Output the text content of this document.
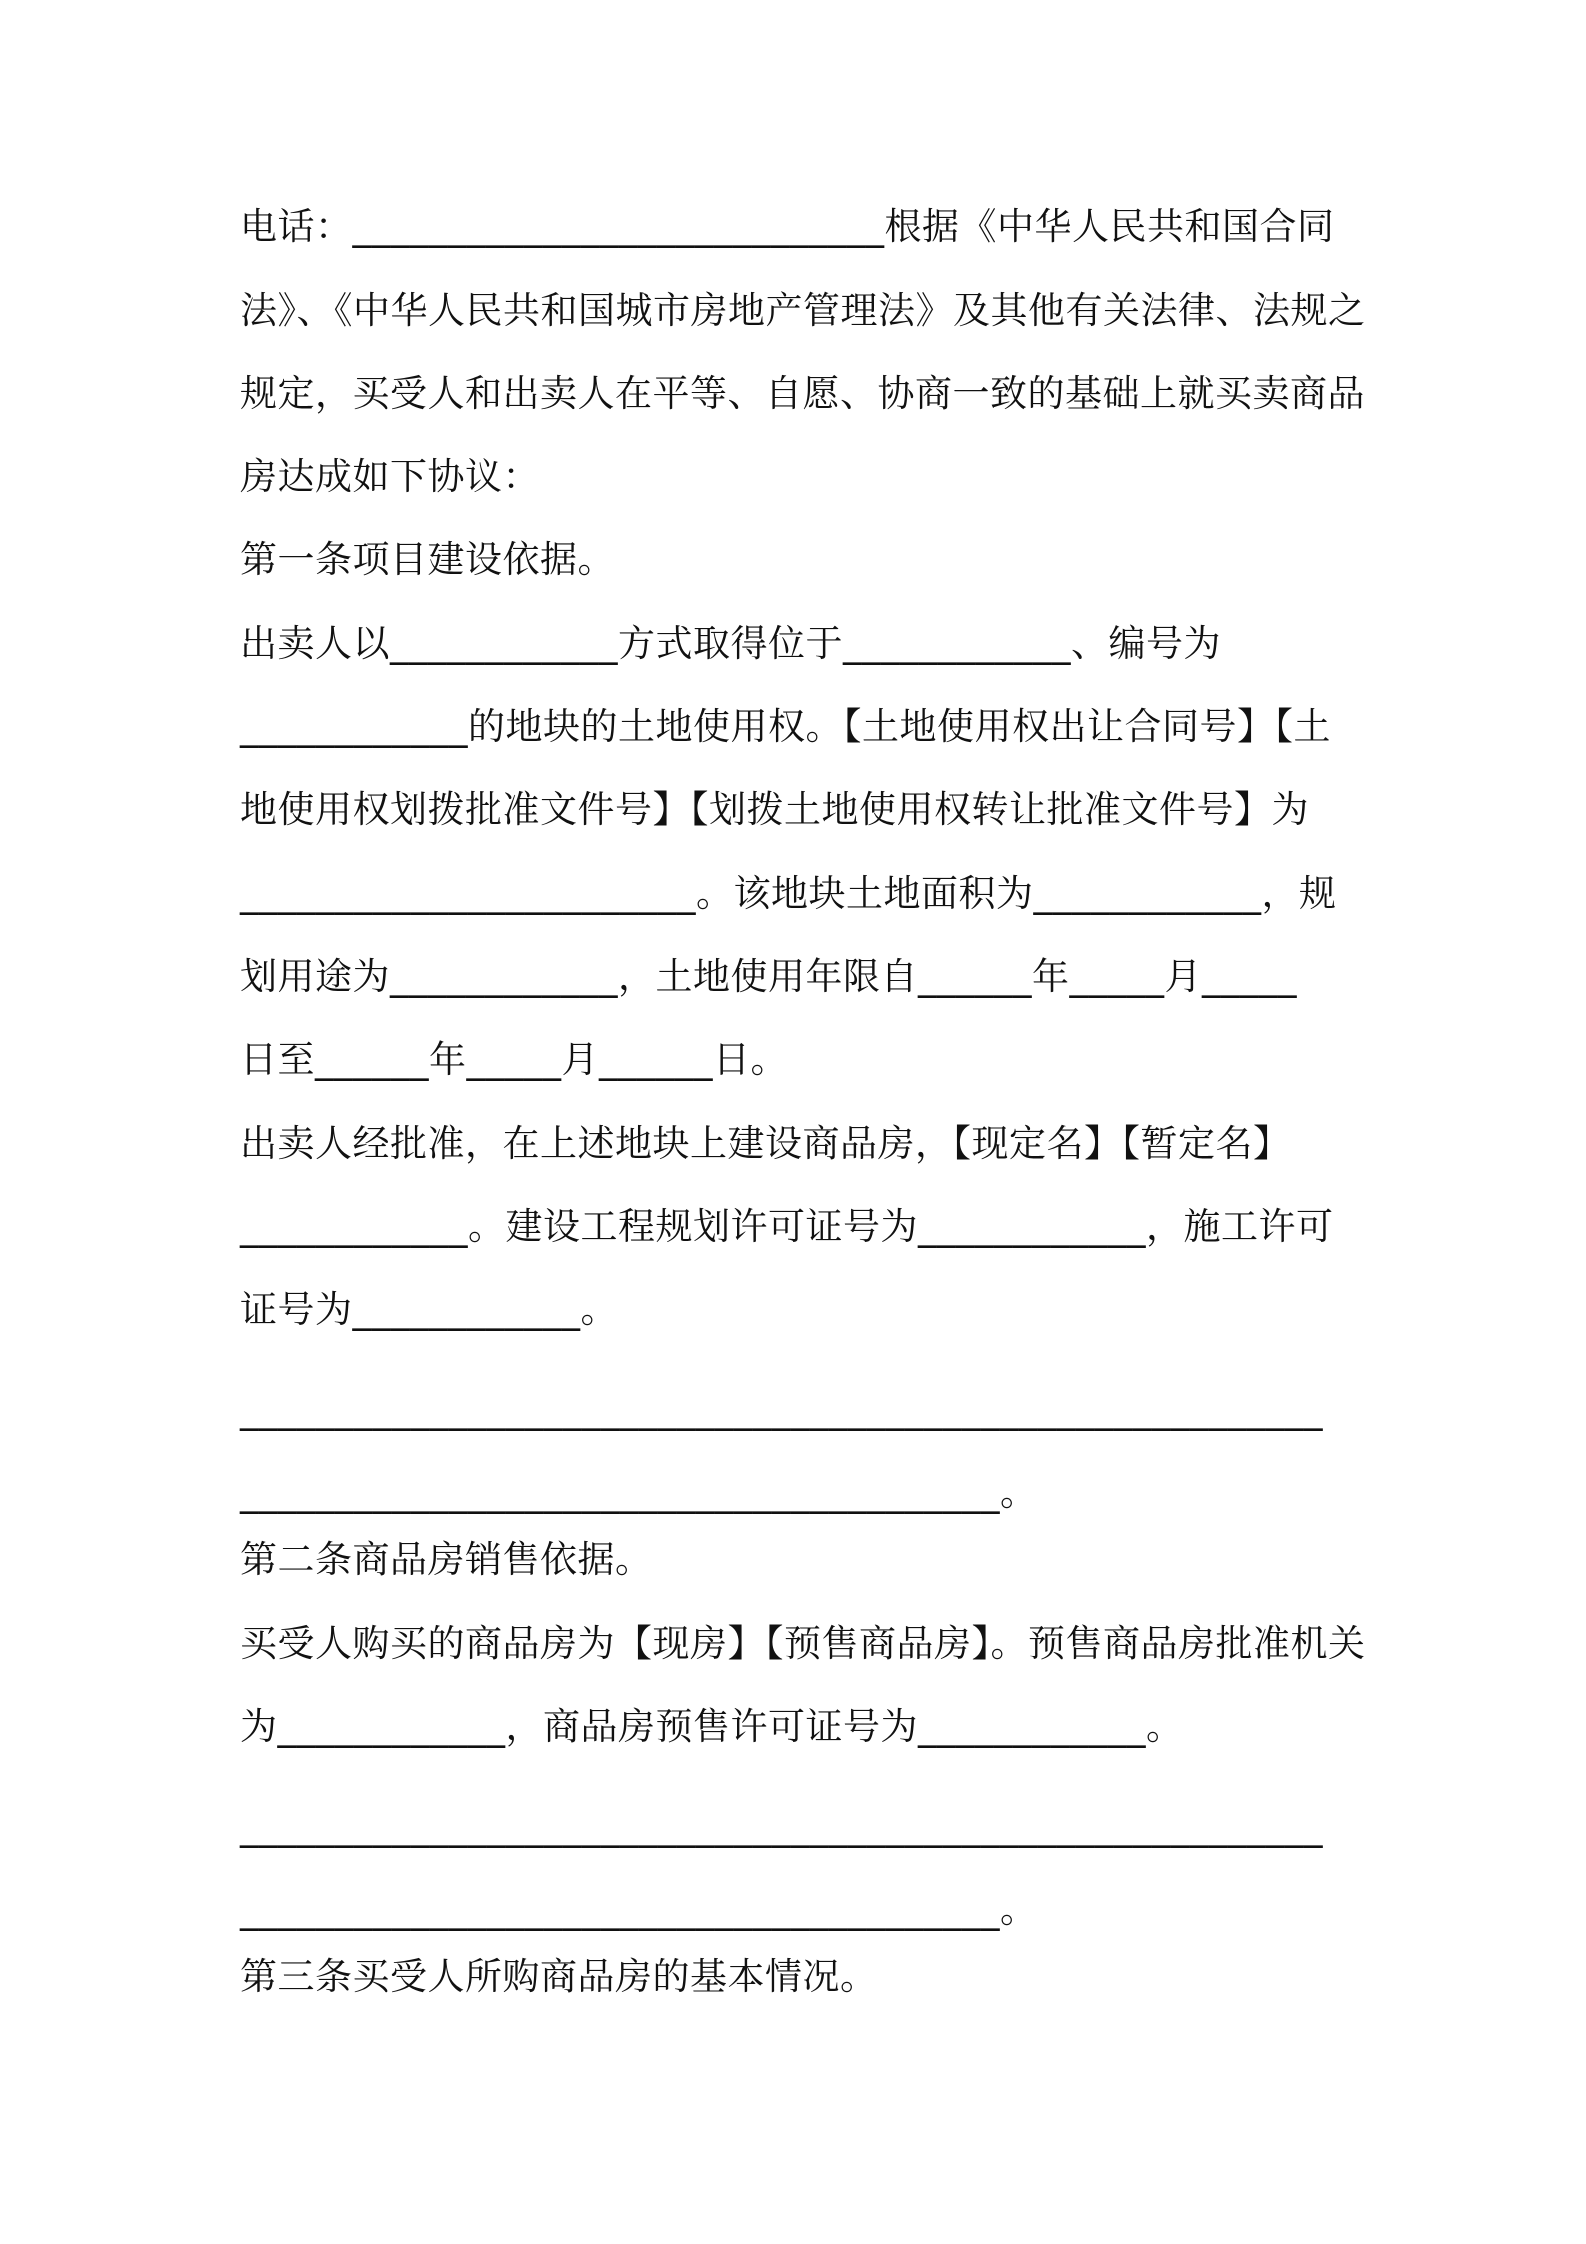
电话：____________________________根据《中华人民共和国合同
法》、《中华人民共和国城市房地产管理法》及其他有关法律、法规之
规定，买受人和出卖人在平等、自愿、协商一致的基础上就买卖商品
房达成如下协议：
第一条项目建设依据。
出卖人以____________方式取得位于____________、编号为
____________的地块的土地使用权。【土地使用权出让合同号】【土
地使用权划拨批准文件号】【划拨土地使用权转让批准文件号】为
________________________。该地块土地面积为____________，规
划用途为____________，土地使用年限自______年_____月_____
日至______年_____月______日。
出卖人经批准，在上述地块上建设商品房，【现定名】【暂定名】
____________。建设工程规划许可证号为____________，施工许可
证号为____________。
_________________________________________________________
________________________________________。
第二条商品房销售依据。
买受人购买的商品房为【现房】【预售商品房】。预售商品房批准机关
为____________，商品房预售许可证号为____________。
_________________________________________________________
________________________________________。
第三条买受人所购商品房的基本情况。
